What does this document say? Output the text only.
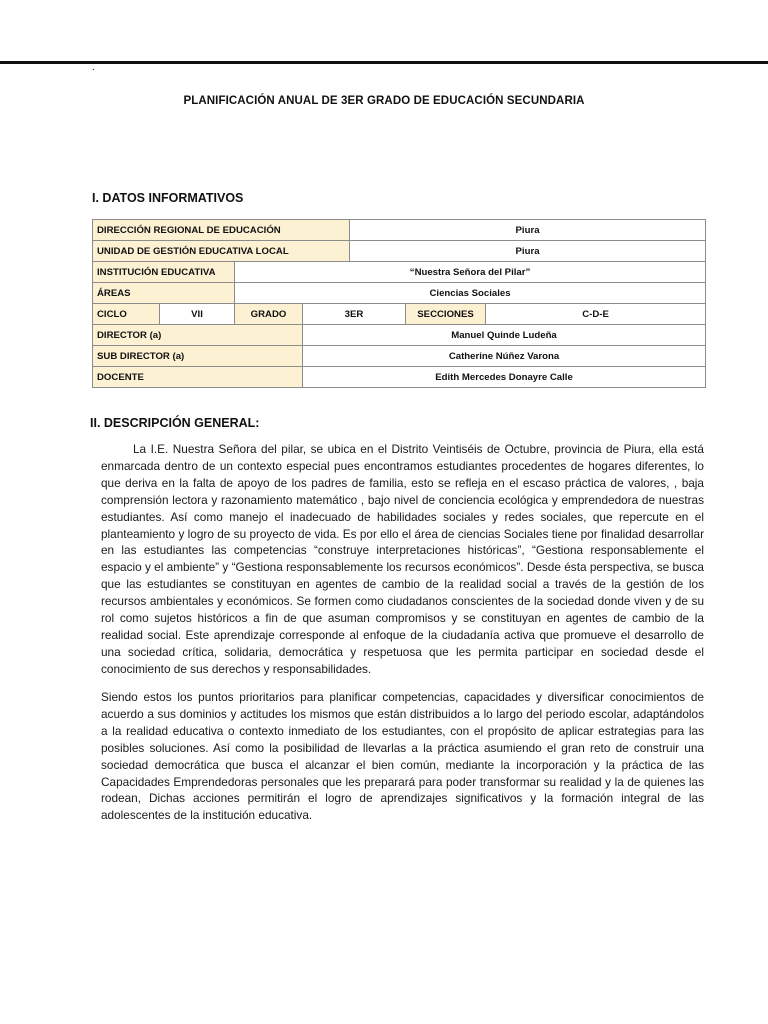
.
PLANIFICACIÓN ANUAL DE 3ER GRADO DE EDUCACIÓN SECUNDARIA
I. DATOS INFORMATIVOS
DIRECCIÓN REGIONAL DE EDUCACIÓN				Piura		
UNIDAD DE GESTIÓN EDUCATIVA LOCAL				Piura		
INSTITUCIÓN EDUCATIVA		“Nuestra Señora del Pilar”				
ÁREAS		Ciencias Sociales				
CICLO	VII	GRADO	3ER		SECCIONES	C-D-E
DIRECTOR (a)			Manuel Quinde Ludeña			
SUB DIRECTOR (a)			Catherine Núñez Varona			
DOCENTE			Edith Mercedes Donayre Calle			
II. DESCRIPCIÓN GENERAL:
La I.E. Nuestra Señora del pilar, se ubica en el Distrito Veintiséis de Octubre, provincia de Piura, ella está enmarcada dentro de un contexto especial pues encontramos estudiantes procedentes de hogares diferentes, lo que deriva en la falta de apoyo de los padres de familia, esto se refleja en el escaso práctica de valores, , baja comprensión lectora y razonamiento matemático , bajo nivel de conciencia ecológica y emprendedora de nuestras estudiantes. Así como manejo el inadecuado de habilidades sociales y redes sociales, que repercute en el planteamiento y logro de su proyecto de vida. Es por ello el área de ciencias Sociales tiene por finalidad desarrollar en las estudiantes las competencias “construye interpretaciones históricas”, “Gestiona responsablemente el espacio y el ambiente” y “Gestiona responsablemente los recursos económicos”. Desde ésta perspectiva, se busca que las estudiantes se constituyan en agentes de cambio de la realidad social a través de la gestión de los recursos ambientales y económicos. Se formen como ciudadanos conscientes de la sociedad donde viven y de su rol como sujetos históricos a fin de que asuman compromisos y se constituyan en agentes de cambio de la realidad social. Este aprendizaje corresponde al enfoque de la ciudadanía activa que promueve el desarrollo de una sociedad crítica, solidaria, democrática y respetuosa que les permita participar en sociedad desde el conocimiento de sus derechos y responsabilidades.
Siendo estos los puntos prioritarios para planificar competencias, capacidades y diversificar conocimientos de acuerdo a sus dominios y actitudes los mismos que están distribuidos a lo largo del periodo escolar, adaptándolos a la realidad educativa o contexto inmediato de los estudiantes, con el propósito de aplicar estrategias para las posibles soluciones. Así como la posibilidad de llevarlas a la práctica asumiendo el gran reto de construir una sociedad democrática que busca el alcanzar el bien común, mediante la incorporación y la práctica de las Capacidades Emprendedoras personales que les preparará para poder transformar su realidad y la de quienes las rodean, Dichas acciones permitirán el logro de aprendizajes significativos y la formación integral de las adolescentes de la institución educativa.
